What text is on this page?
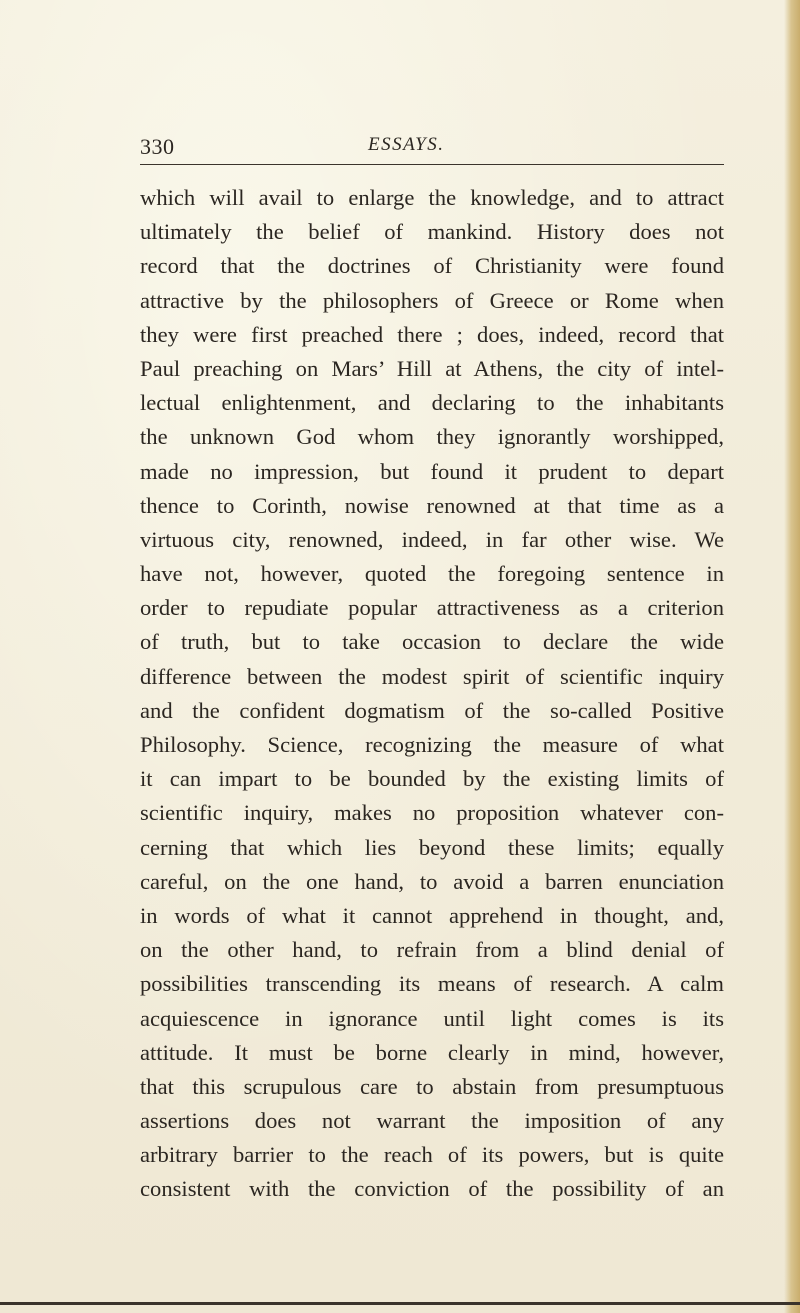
330	ESSAYS.
which will avail to enlarge the knowledge, and to attract
ultimately the belief of mankind. History does not
record that the doctrines of Christianity were found
attractive by the philosophers of Greece or Rome when
they were first preached there ; does, indeed, record that
Paul preaching on Mars’ Hill at Athens, the city of intel-
lectual enlightenment, and declaring to the inhabitants
the unknown God whom they ignorantly worshipped,
made no impression, but found it prudent to depart
thence to Corinth, nowise renowned at that time as a
virtuous city, renowned, indeed, in far other wise. We
have not, however, quoted the foregoing sentence in
order to repudiate popular attractiveness as a criterion
of truth, but to take occasion to declare the wide
difference between the modest spirit of scientific inquiry
and the confident dogmatism of the so-called Positive
Philosophy. Science, recognizing the measure of what
it can impart to be bounded by the existing limits of
scientific inquiry, makes no proposition whatever con-
cerning that which lies beyond these limits; equally
careful, on the one hand, to avoid a barren enunciation
in words of what it cannot apprehend in thought, and,
on the other hand, to refrain from a blind denial of
possibilities transcending its means of research. A calm
acquiescence in ignorance until light comes is its
attitude. It must be borne clearly in mind, however,
that this scrupulous care to abstain from presumptuous
assertions does not warrant the imposition of any
arbitrary barrier to the reach of its powers, but is quite
consistent with the conviction of the possibility of an
